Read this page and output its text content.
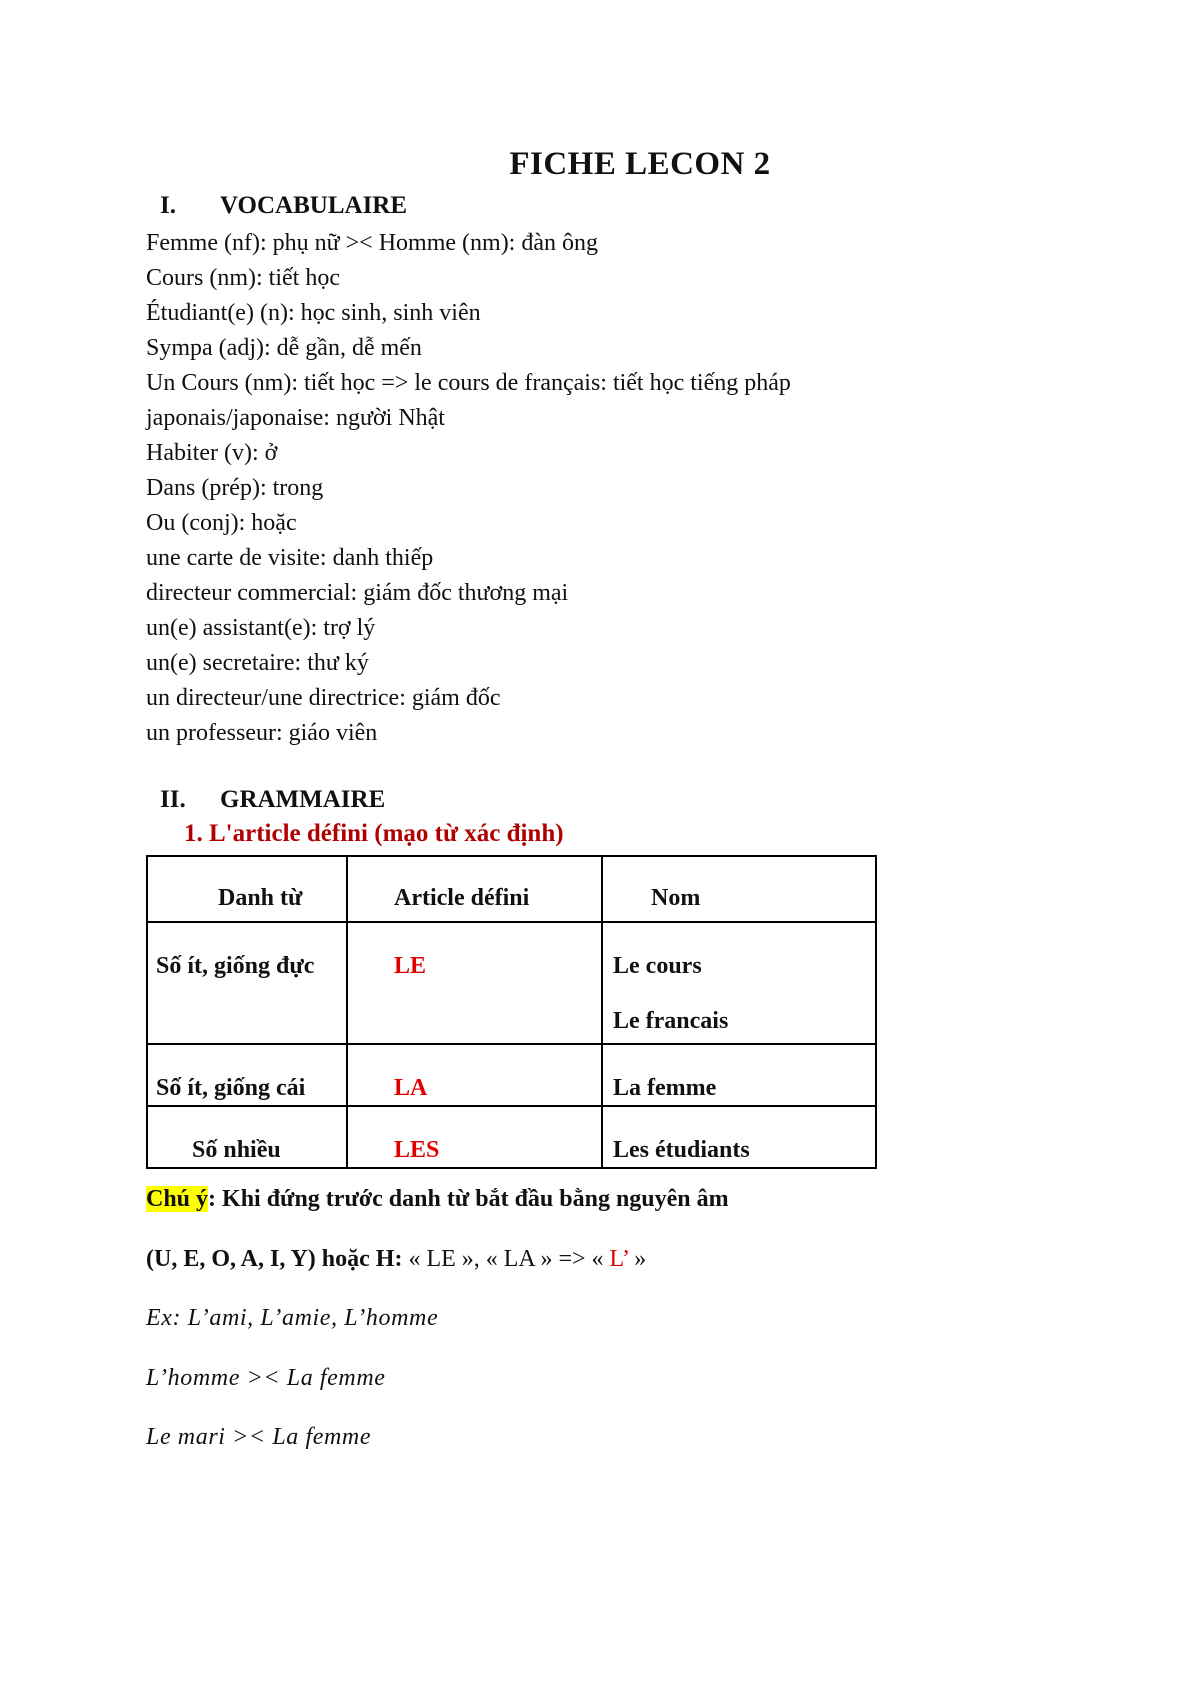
FICHE LECON 2
I. VOCABULAIRE
Femme (nf): phụ nữ >< Homme (nm): đàn ông
Cours (nm): tiết học
Étudiant(e) (n): học sinh, sinh viên
Sympa (adj): dễ gần, dễ mến
Un Cours (nm): tiết học => le cours de français: tiết học tiếng pháp
japonais/japonaise: người Nhật
Habiter (v): ở
Dans (prép): trong
Ou (conj): hoặc
une carte de visite: danh thiếp
directeur commercial: giám đốc thương mại
un(e) assistant(e): trợ lý
un(e) secretaire: thư ký
un directeur/une directrice: giám đốc
un professeur: giáo viên
II. GRAMMAIRE
1. L'article défini (mạo từ xác định)
Danh từ	Article défini	Nom

Số ít, giống đực	LE	Le cours
Le francais

Số ít, giống cái	LA	La femme

Số nhiều	LES	Les étudiants
Chú ý: Khi đứng trước danh từ bắt đầu bằng nguyên âm
(U, E, O, A, I, Y) hoặc H: « LE », « LA » => « L’ »
Ex: L’ami, L’amie, L’homme
L’homme >< La femme
Le mari >< La femme
